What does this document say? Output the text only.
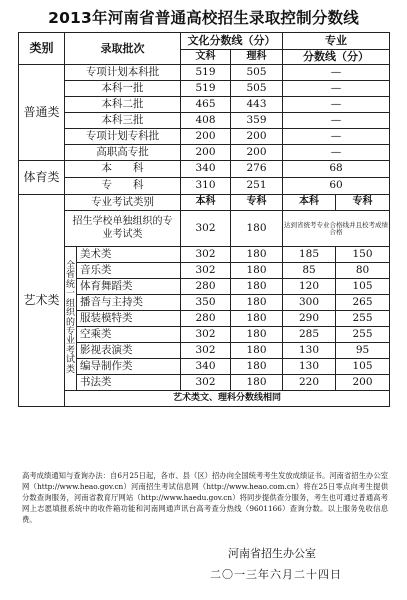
2013年河南省普通高校招生录取控制分数线
类别	录取批次		文化分数线（分）		专业	
			文科	理科	分数线（分）	
普通类	专项计划本科批		519	505	—	
	本科一批		519	505	—	
	本科二批		465	443	—	
	本科三批		408	359	—	
	专项计划专科批		200	200	—	
	高职高专批		200	200	—	
体育类	本　　科		340	276	68	
	专　　科		310	251	60	
艺术类	专业考试类别		本科	专科	本科	专科
	招生学校单独组织的专业考试类		302	180	达到省统考专业合格线并且校考成绩合格	
	全省统一组织的专业考试类	美术类	302	180	185	150
		音乐类	302	180	85	80
		体育舞蹈类	280	180	120	105
		播音与主持类	350	180	300	265
		服装模特类	280	180	290	255
		空乘类	302	180	285	255
		影视表演类	302	180	130	95
		编导制作类	340	180	130	105
		书法类	302	180	220	200
	艺术类文、理科分数线相同					
高考成绩通知与查询办法：自6月25日起，各市、县（区）招办向全国统考考生发放成绩证书。河南省招生办公室网（http://www.heao.gov.cn）河南招生考试信息网（http://www.heao.com.cn）将在25日零点向考生提供分数查询服务，河南省教育厅网站（http://www.haedu.gov.cn）将同步提供查分服务，考生也可通过普通高考网上志愿填报系统中的收件箱功能和河南网通声讯台高考查分热线（9601166）查询分数。以上服务免收信息费。
河南省招生办公室
二〇一三年六月二十四日
